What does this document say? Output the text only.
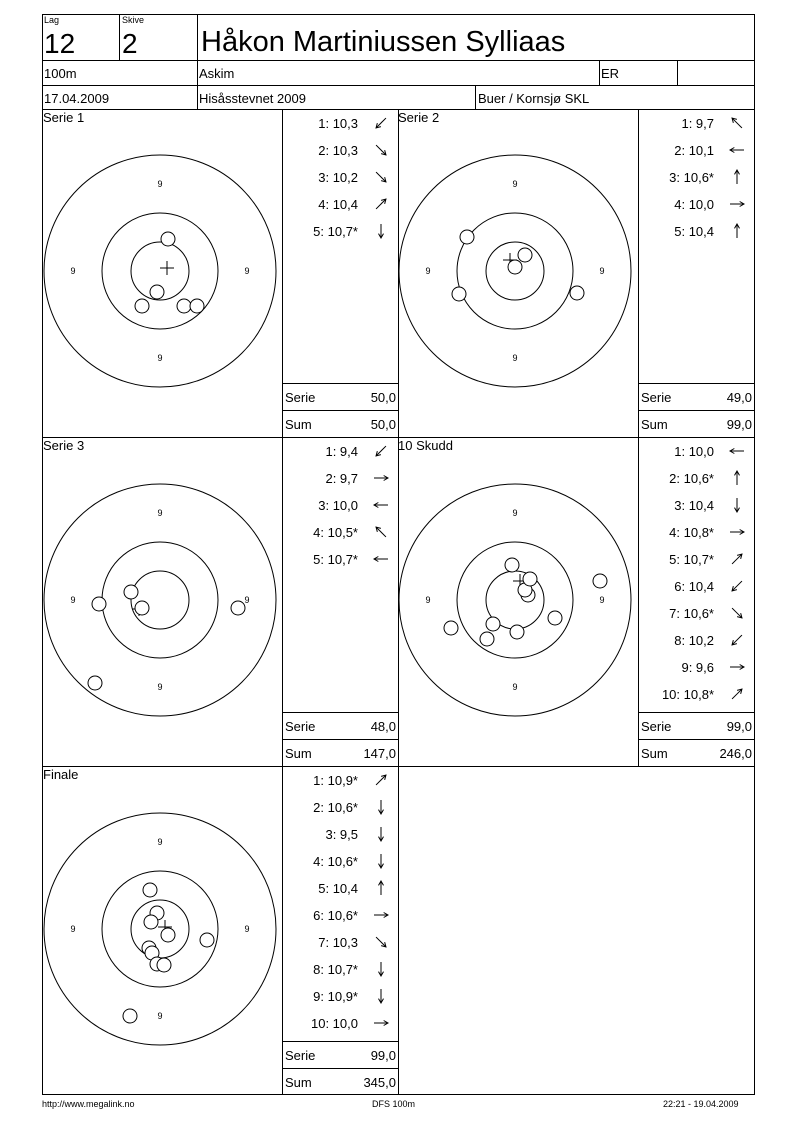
Lag
12
Skive
2 Håkon Martiniussen Sylliaas
100m	Askim	ER
17.04.2009	Hisåsstevnet 2009	Buer / Kornsjø SKL
Serie 1
9
9
9	9
1: 10,3
2: 10,3
3: 10,2
4: 10,4
5: 10,7*
Serie	50,0
Sum	50,0
Serie 2
9
9
9	9
1: 9,7
2: 10,1
3: 10,6*
4: 10,0
5: 10,4
Serie	49,0
Sum	99,0
Serie 3
9
9
9	9
1: 9,4
2: 9,7
3: 10,0
4: 10,5*
5: 10,7*
Serie	48,0
Sum	147,0
10 Skudd
9
9
9	9
1: 10,0
2: 10,6*
3: 10,4
4: 10,8*
5: 10,7*
6: 10,4
7: 10,6*
8: 10,2
9: 9,6
10: 10,8*
Serie	99,0
Sum	246,0
Finale
9
9
9	9
1: 10,9*
2: 10,6*
3: 9,5
4: 10,6*
5: 10,4
6: 10,6*
7: 10,3
8: 10,7*
9: 10,9*
10: 10,0
Serie	99,0
Sum	345,0
http://www.megalink.no	DFS 100m	22:21 - 19.04.2009
